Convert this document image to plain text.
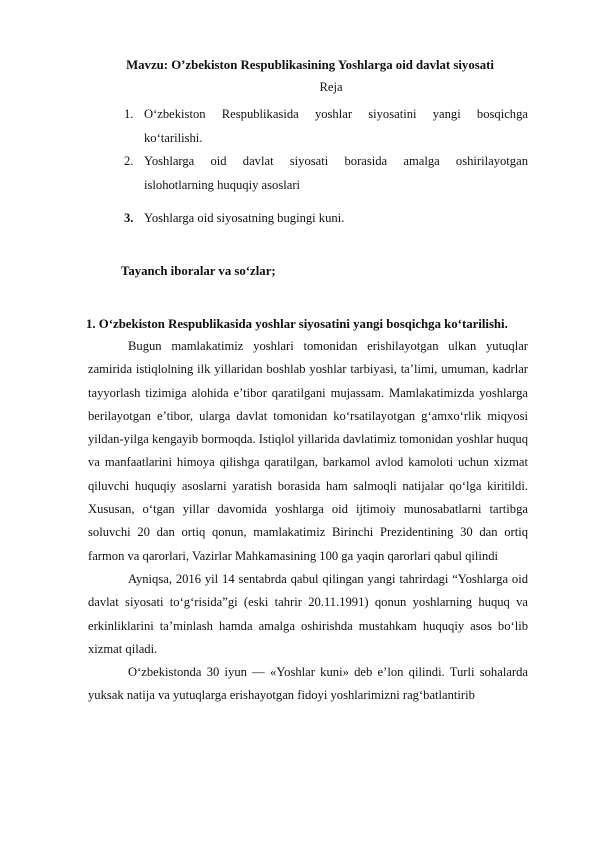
Mavzu: O’zbekiston Respublikasining Yoshlarga oid davlat siyosati
Reja
1. O‘zbekiston Respublikasida yoshlar siyosatini yangi bosqichga
ko‘tarilishi.
2. Yoshlarga oid davlat siyosati borasida amalga oshirilayotgan
islohotlarning huquqiy asoslari
3. Yoshlarga oid siyosatning bugingi kuni.
Tayanch iboralar va so‘zlar;
1. O‘zbekiston Respublikasida yoshlar siyosatini yangi bosqichga ko‘tarilishi.

Bugun mamlakatimiz yoshlari tomonidan erishilayotgan ulkan yutuqlar zamirida istiqlolning ilk yillaridan boshlab yoshlar tarbiyasi, ta’limi, umuman, kadrlar tayyorlash tizimiga alohida e’tibor qaratilgani mujassam. Mamlakatimizda yoshlarga berilayotgan e’tibor, ularga davlat tomonidan ko‘rsatilayotgan g‘amxo‘rlik miqyosi yildan-yilga kengayib bormoqda. Istiqlol yillarida davlatimiz tomonidan yoshlar huquq va manfaatlarini himoya qilishga qaratilgan, barkamol avlod kamoloti uchun xizmat qiluvchi huquqiy asoslarni yaratish borasida ham salmoqli natijalar qo‘lga kiritildi. Xususan, o‘tgan yillar davomida yoshlarga oid ijtimoiy munosabatlarni tartibga soluvchi 20 dan ortiq qonun, mamlakatimiz Birinchi Prezidentining 30 dan ortiq farmon va qarorlari, Vazirlar Mahkamasining 100 ga yaqin qarorlari qabul qilindi

Ayniqsa, 2016 yil 14 sentabrda qabul qilingan yangi tahrirdagi “Yoshlarga oid davlat siyosati to‘g‘risida”gi (eski tahrir 20.11.1991) qonun yoshlarning huquq va erkinliklarini ta’minlash hamda amalga oshirishda mustahkam huquqiy asos bo‘lib xizmat qiladi.

O‘zbekistonda 30 iyun — «Yoshlar kuni» deb e’lon qilindi. Turli sohalarda yuksak natija va yutuqlarga erishayotgan fidoyi yoshlarimizni rag‘batlantirib
